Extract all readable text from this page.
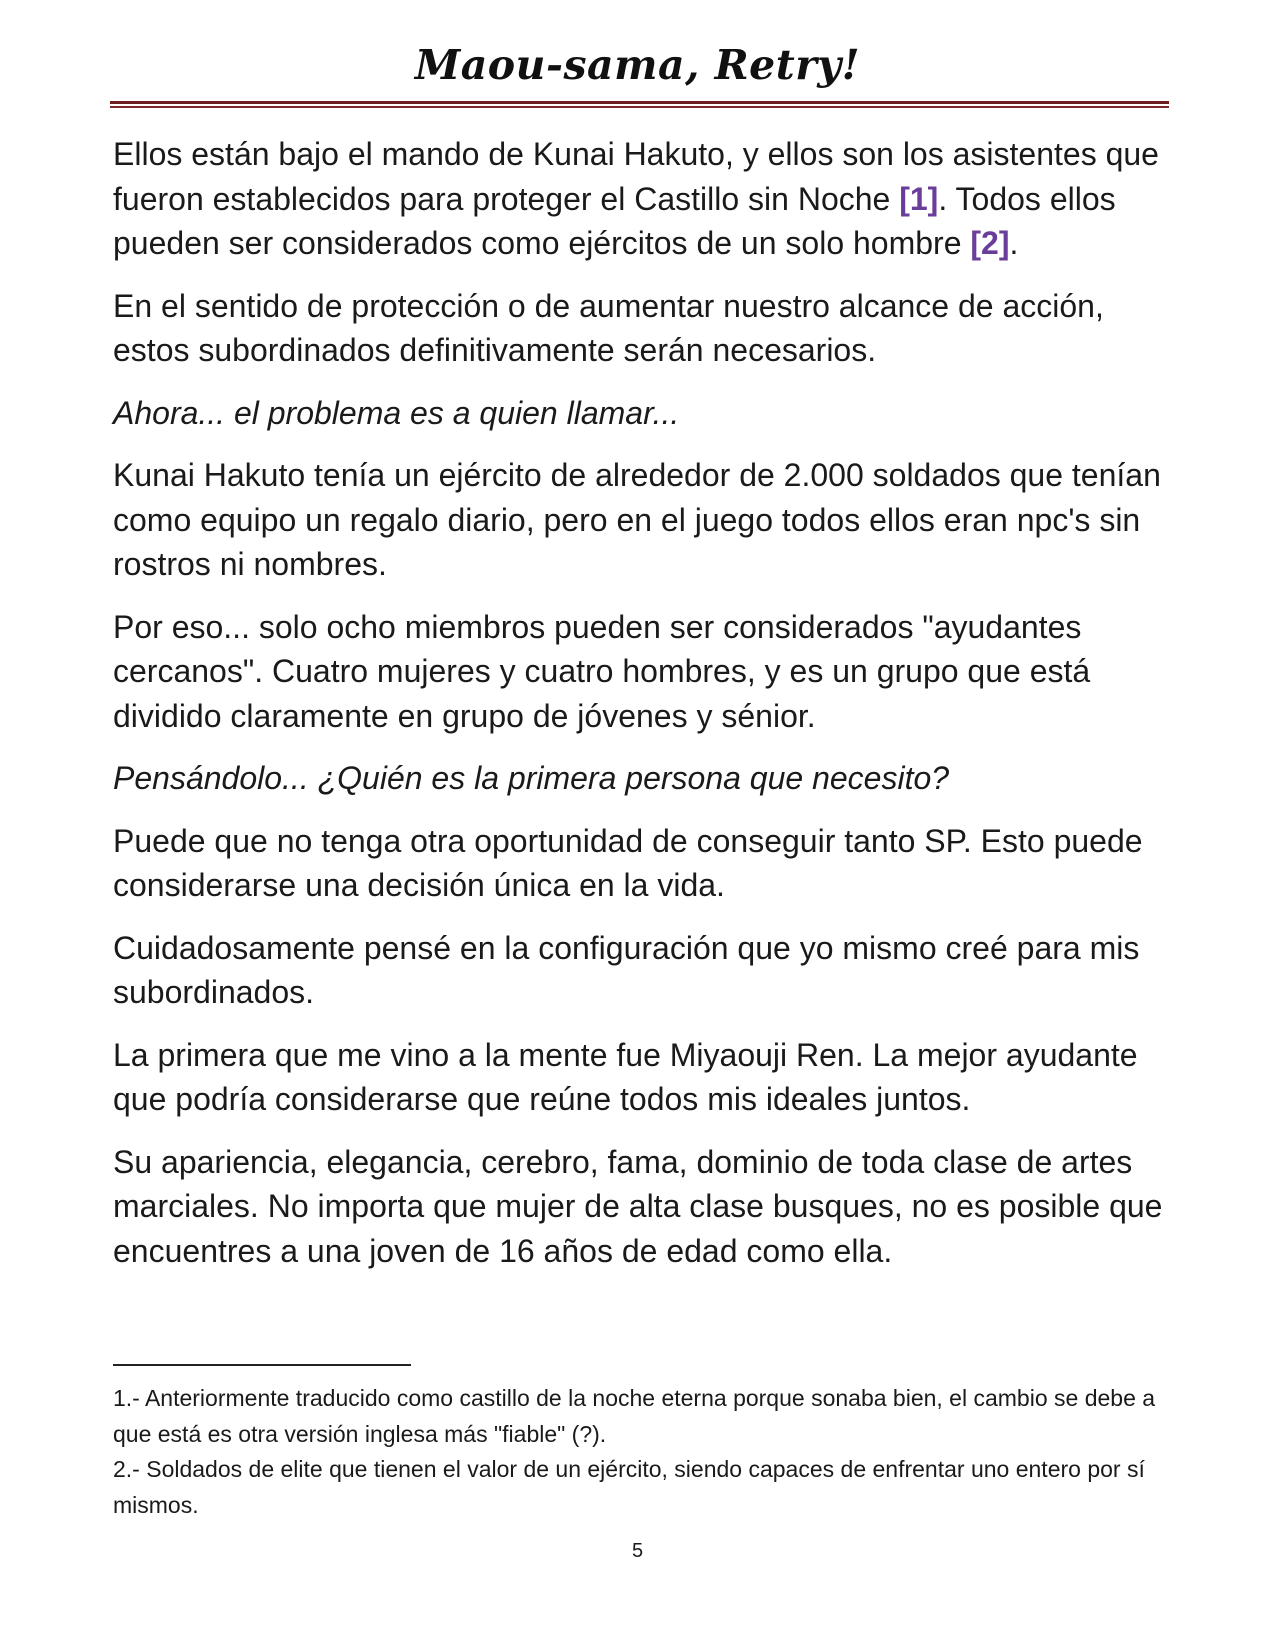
Maou-sama, Retry!

Ellos están bajo el mando de Kunai Hakuto, y ellos son los asistentes que fueron establecidos para proteger el Castillo sin Noche [1]. Todos ellos pueden ser considerados como ejércitos de un solo hombre [2].

En el sentido de protección o de aumentar nuestro alcance de acción, estos subordinados definitivamente serán necesarios.

Ahora... el problema es a quien llamar...

Kunai Hakuto tenía un ejército de alrededor de 2.000 soldados que tenían como equipo un regalo diario, pero en el juego todos ellos eran npc's sin rostros ni nombres.

Por eso... solo ocho miembros pueden ser considerados "ayudantes cercanos". Cuatro mujeres y cuatro hombres, y es un grupo que está dividido claramente en grupo de jóvenes y sénior.

Pensándolo... ¿Quién es la primera persona que necesito?

Puede que no tenga otra oportunidad de conseguir tanto SP. Esto puede considerarse una decisión única en la vida.

Cuidadosamente pensé en la configuración que yo mismo creé para mis subordinados.

La primera que me vino a la mente fue Miyaouji Ren. La mejor ayudante que podría considerarse que reúne todos mis ideales juntos.

Su apariencia, elegancia, cerebro, fama, dominio de toda clase de artes marciales. No importa que mujer de alta clase busques, no es posible que encuentres a una joven de 16 años de edad como ella.

1.- Anteriormente traducido como castillo de la noche eterna porque sonaba bien, el cambio se debe a que está es otra versión inglesa más "fiable" (?).

2.- Soldados de elite que tienen el valor de un ejército, siendo capaces de enfrentar uno entero por sí mismos.

5
